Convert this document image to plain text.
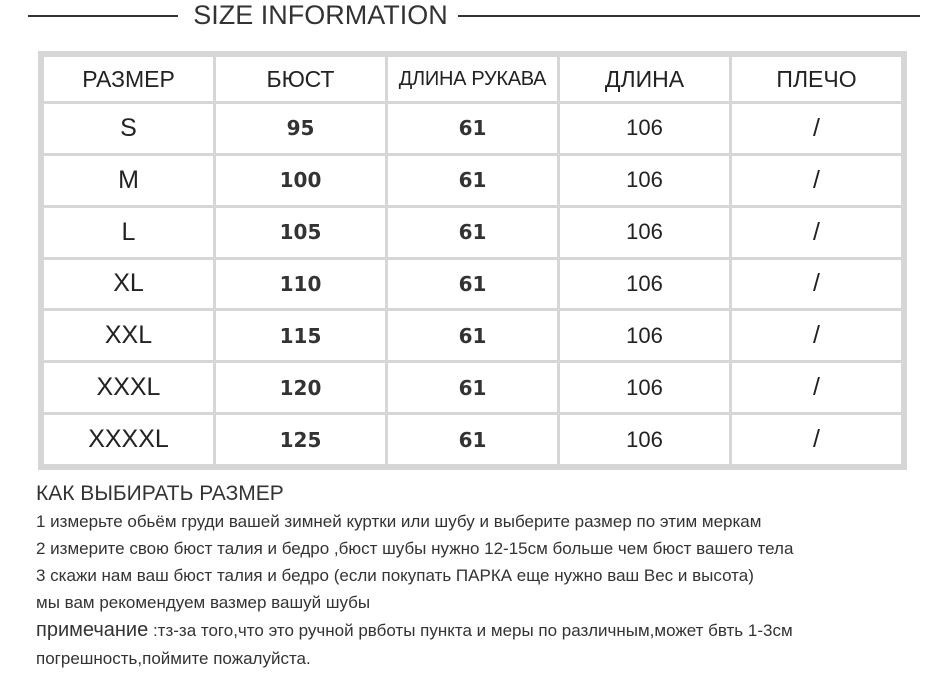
SIZE INFORMATION
РАЗМЕР	БЮСТ	ДЛИНА РУКАВА	ДЛИНА	ПЛЕЧО
S	95	61	106	/
M	100	61	106	/
L	105	61	106	/
XL	110	61	106	/
XXL	115	61	106	/
XXXL	120	61	106	/
XXXXL	125	61	106	/

КАК ВЫБИРАТЬ РАЗМЕР

1 измерьте обьём груди вашей зимней куртки или шубу и выберите размер по этим меркам

2 измерите свою бюст талия и бедро ,бюст шубы нужно 12-15см больше чем бюст вашего тела

3 скажи нам ваш бюст талия и бедро (если покупать ПАРКА еще нужно ваш Вес и высота)

мы вам рекомендуем вазмер вашуй шубы

примечание :тз-за того,что это ручной рвботы пункта и меры по различным,может бвть 1-3см

погрешность,поймите пожалуйста.
